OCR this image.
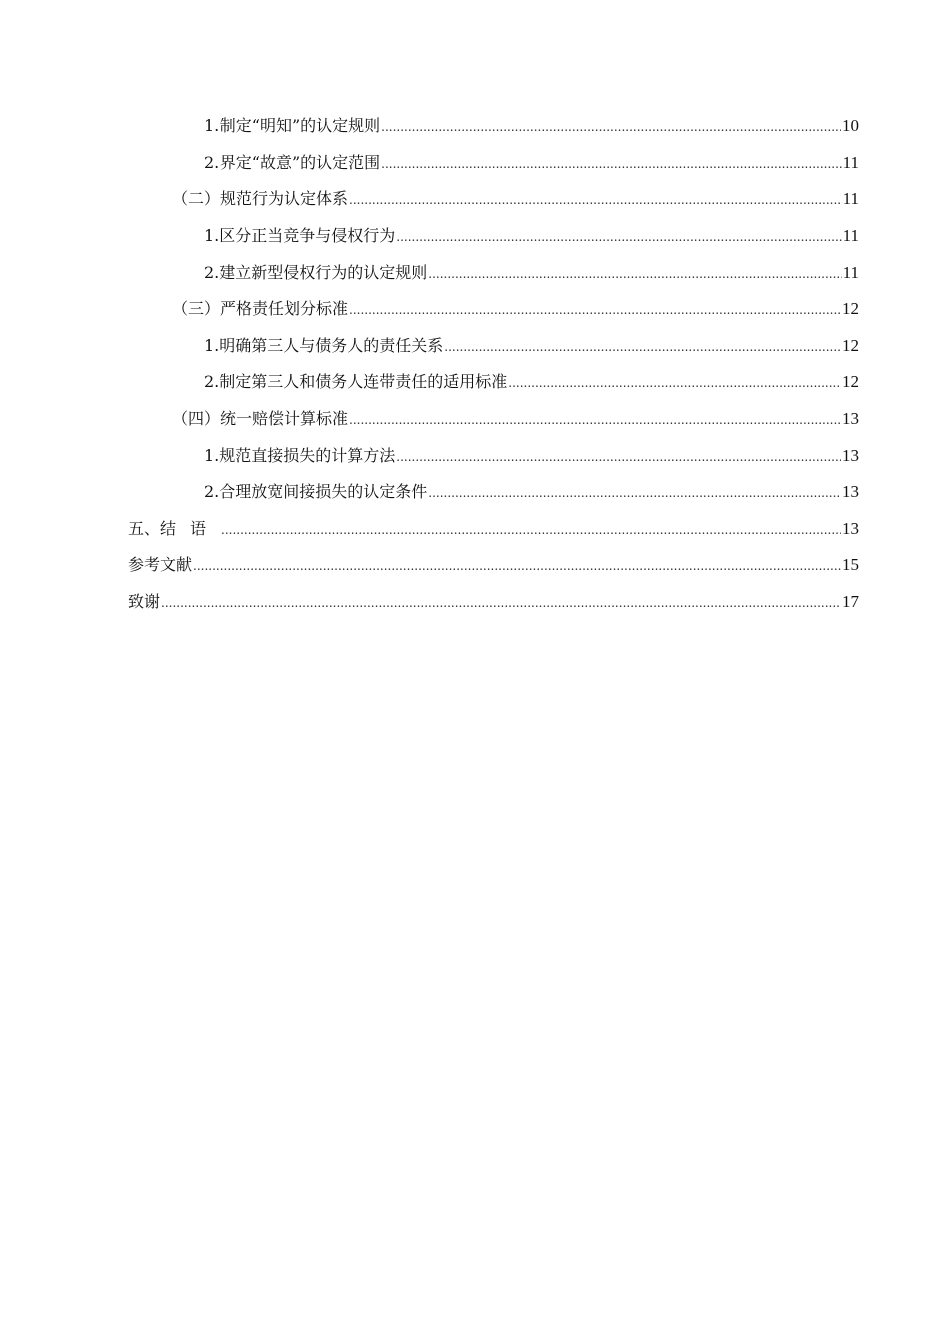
1. 制定“明知”的认定规则 .....	10
2. 界定“故意”的认定范围 .....	11
（二） 规范行为认定体系 .....	11
1. 区分正当竞争与侵权行为 .....	11
2. 建立新型侵权行为的认定规则 .....	11
（三） 严格责任划分标准 .....	12
1. 明确第三人与债务人的责任关系 .....	12
2. 制定第三人和债务人连带责任的适用标准 .....	12
（四） 统一赔偿计算标准 .....	13
1. 规范直接损失的计算方法 .....	13
2. 合理放宽间接损失的认定条件 .....	13
五、 结语 .....	13
参考文献 .....	15
致谢 .....	17
